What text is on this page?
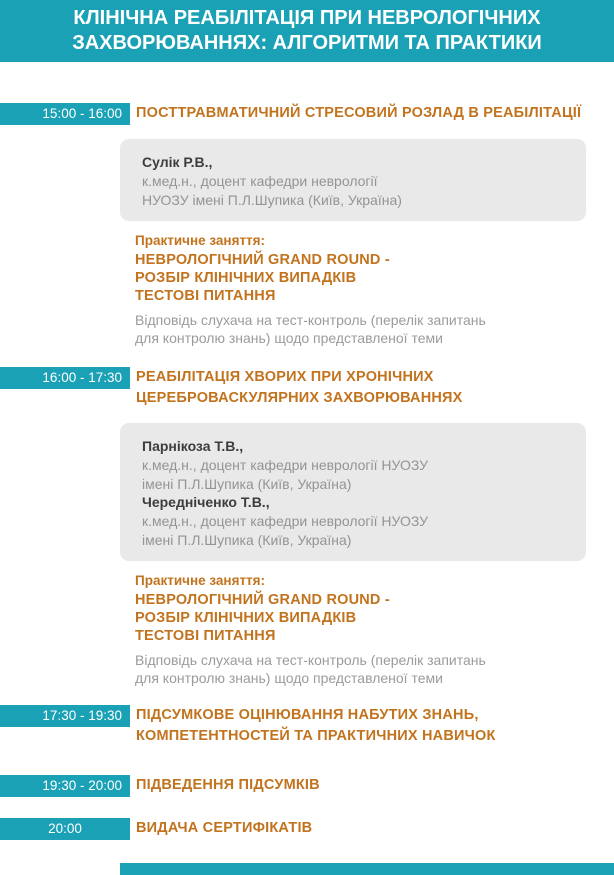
КЛІНІЧНА РЕАБІЛІТАЦІЯ ПРИ НЕВРОЛОГІЧНИХ
ЗАХВОРЮВАННЯХ: АЛГОРИТМИ ТА ПРАКТИКИ
15:00 - 16:00 ПОСТТРАВМАТИЧНИЙ СТРЕСОВИЙ РОЗЛАД В РЕАБІЛІТАЦІЇ
Сулік Р.В.,
к.мед.н., доцент кафедри неврології
НУОЗУ імені П.Л.Шупика (Київ, Україна)
Практичне заняття:
НЕВРОЛОГІЧНИЙ GRAND ROUND -
РОЗБІР КЛІНІЧНИХ ВИПАДКІВ
ТЕСТОВІ ПИТАННЯ
Відповідь слухача на тест-контроль (перелік запитань
для контролю знань) щодо представленої теми
16:00 - 17:30 РЕАБІЛІТАЦІЯ ХВОРИХ ПРИ ХРОНІЧНИХ
ЦЕРЕБРОВАСКУЛЯРНИХ ЗАХВОРЮВАННЯХ
Парнікоза Т.В.,
к.мед.н., доцент кафедри неврології НУОЗУ
імені П.Л.Шупика (Київ, Україна)
Чередніченко Т.В.,
к.мед.н., доцент кафедри неврології НУОЗУ
імені П.Л.Шупика (Київ, Україна)
Практичне заняття:
НЕВРОЛОГІЧНИЙ GRAND ROUND -
РОЗБІР КЛІНІЧНИХ ВИПАДКІВ
ТЕСТОВІ ПИТАННЯ
Відповідь слухача на тест-контроль (перелік запитань
для контролю знань) щодо представленої теми
17:30 - 19:30 ПІДСУМКОВЕ ОЦІНЮВАННЯ НАБУТИХ ЗНАНЬ,
КОМПЕТЕНТНОСТЕЙ ТА ПРАКТИЧНИХ НАВИЧОК
19:30 - 20:00 ПІДВЕДЕННЯ ПІДСУМКІВ
20:00	ВИДАЧА СЕРТИФІКАТІВ
